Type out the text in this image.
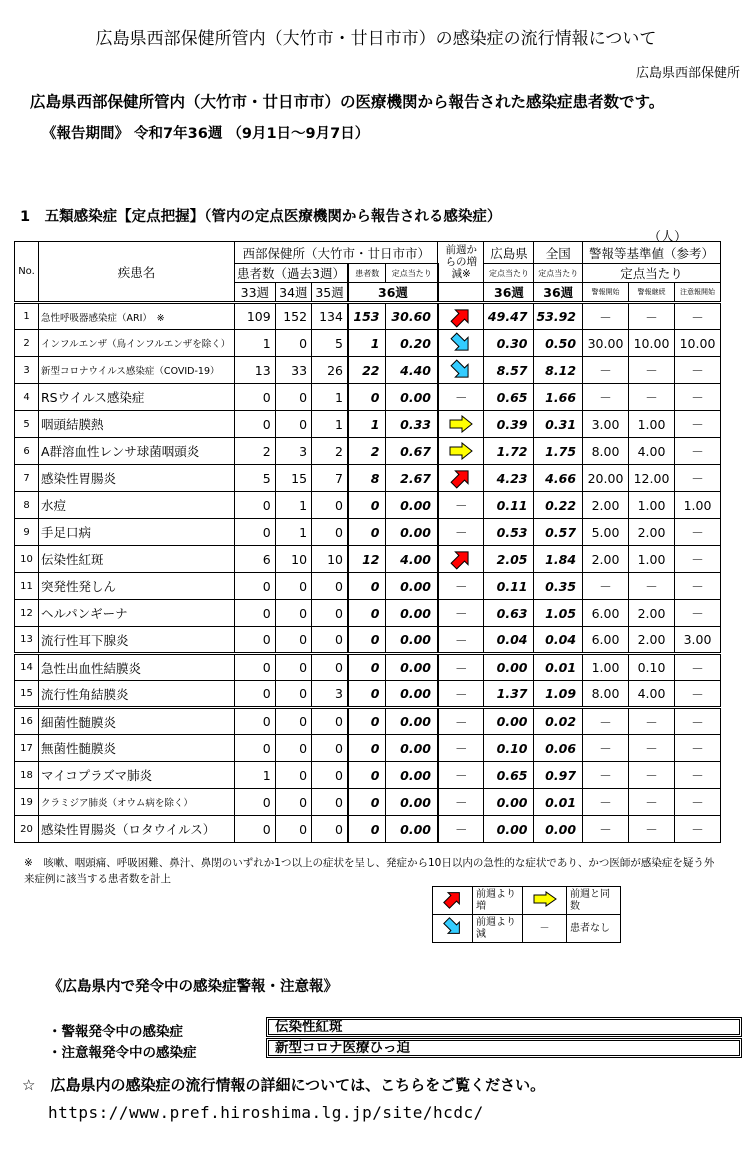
広島県西部保健所管内（大竹市・廿日市市）の感染症の流行情報について
広島県西部保健所
広島県西部保健所管内（大竹市・廿日市市）の医療機関から報告された感染症患者数です。
《報告期間》 令和7年36週 （9月1日～9月7日）
1　五類感染症【定点把握】（管内の定点医療機関から報告される感染症）
（人）
No.	疾患名	西部保健所（大竹市・廿日市市）					前週からの増減※	広島県	全国	警報等基準値（参考）		
		患者数（過去3週）			患者数	定点当たり		定点当たり	定点当たり	定点当たり		
		33週	34週	35週	36週			36週	36週	警報開始	警報継続	注意報開始
1	急性呼吸器感染症（ARI）　※	109	152	134	153	30.60		49.47	53.92	－	－	－
2	インフルエンザ（鳥インフルエンザを除く）	1	0	5	1	0.20		0.30	0.50	30.00	10.00	10.00
3	新型コロナウイルス感染症（COVID-19）	13	33	26	22	4.40		8.57	8.12	－	－	－
4	RSウイルス感染症	0	0	1	0	0.00	－	0.65	1.66	－	－	－
5	咽頭結膜熱	0	0	1	1	0.33		0.39	0.31	3.00	1.00	－
6	A群溶血性レンサ球菌咽頭炎	2	3	2	2	0.67		1.72	1.75	8.00	4.00	－
7	感染性胃腸炎	5	15	7	8	2.67		4.23	4.66	20.00	12.00	－
8	水痘	0	1	0	0	0.00	－	0.11	0.22	2.00	1.00	1.00
9	手足口病	0	1	0	0	0.00	－	0.53	0.57	5.00	2.00	－
10	伝染性紅斑	6	10	10	12	4.00		2.05	1.84	2.00	1.00	－
11	突発性発しん	0	0	0	0	0.00	－	0.11	0.35	－	－	－
12	ヘルパンギーナ	0	0	0	0	0.00	－	0.63	1.05	6.00	2.00	－
13	流行性耳下腺炎	0	0	0	0	0.00	－	0.04	0.04	6.00	2.00	3.00
14	急性出血性結膜炎	0	0	0	0	0.00	－	0.00	0.01	1.00	0.10	－
15	流行性角結膜炎	0	0	3	0	0.00	－	1.37	1.09	8.00	4.00	－
16	細菌性髄膜炎	0	0	0	0	0.00	－	0.00	0.02	－	－	－
17	無菌性髄膜炎	0	0	0	0	0.00	－	0.10	0.06	－	－	－
18	マイコプラズマ肺炎	1	0	0	0	0.00	－	0.65	0.97	－	－	－
19	クラミジア肺炎（オウム病を除く）	0	0	0	0	0.00	－	0.00	0.01	－	－	－
20	感染性胃腸炎（ロタウイルス）	0	0	0	0	0.00	－	0.00	0.00	－	－	－
※　咳嗽、咽頭痛、呼吸困難、鼻汁、鼻閉のいずれか1つ以上の症状を呈し、発症から10日以内の急性的な症状であり、かつ医師が感染症を疑う外来症例に該当する患者数を計上
	前週より増		前週と同数
	前週より減	－	患者なし
《広島県内で発令中の感染症警報・注意報》
・警報発令中の感染症	伝染性紅斑
・注意報発令中の感染症	新型コロナ医療ひっ迫
☆　広島県内の感染症の流行情報の詳細については、こちらをご覧ください。
https://www.pref.hiroshima.lg.jp/site/hcdc/
